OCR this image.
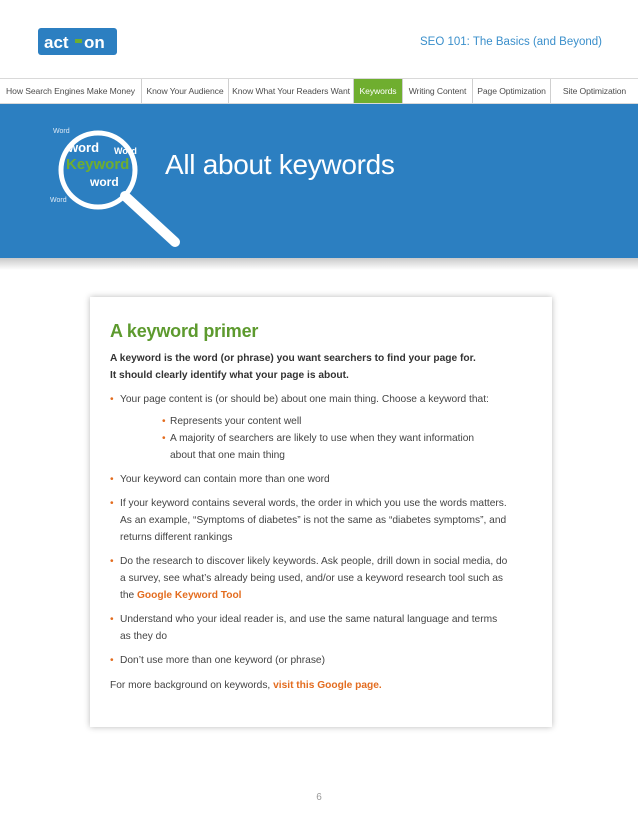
act on	SEO 101: The Basics (and Beyond)
How Search Engines Make Money	Know Your Audience Know What Your Readers Want	Keywords	Writing Content	Page Optimization	Site Optimization
Word
word Word
Keyword
word
Word
All about keywords
A keyword primer
A keyword is the word (or phrase) you want searchers to find your page for.
It should clearly identify what your page is about.
• Your page content is (or should be) about one main thing. Choose a keyword that:
• Represents your content well
• A majority of searchers are likely to use when they want information
about that one main thing
• Your keyword can contain more than one word
• If your keyword contains several words, the order in which you use the words matters.
As an example, “Symptoms of diabetes” is not the same as “diabetes symptoms”, and
returns different rankings
• Do the research to discover likely keywords. Ask people, drill down in social media, do
a survey, see what’s already being used, and/or use a keyword research tool such as
the Google Keyword Tool
• Understand who your ideal reader is, and use the same natural language and terms
as they do
• Don’t use more than one keyword (or phrase)
For more background on keywords, visit this Google page.
6
